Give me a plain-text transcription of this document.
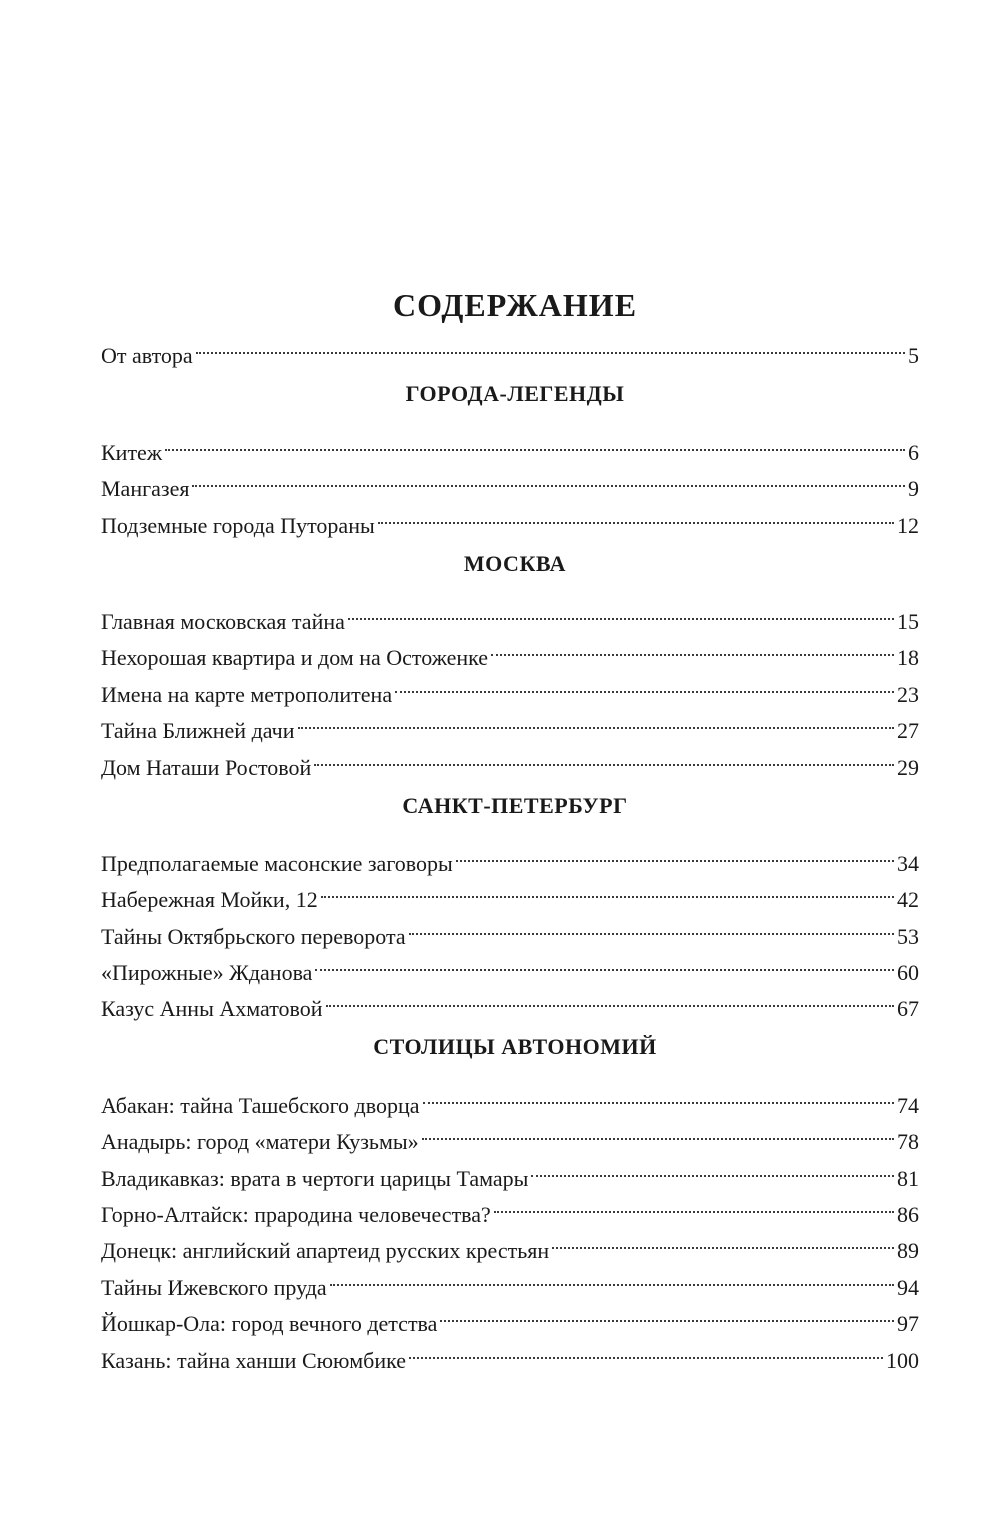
СОДЕРЖАНИЕ
От автора	5
ГОРОДА-ЛЕГЕНДЫ
Китеж	6
Мангазея	9
Подземные города Путораны	12
МОСКВА
Главная московская тайна	15
Нехорошая квартира и дом на Остоженке	18
Имена на карте метрополитена	23
Тайна Ближней дачи	27
Дом Наташи Ростовой	29
САНКТ-ПЕТЕРБУРГ
Предполагаемые масонские заговоры	34
Набережная Мойки, 12	42
Тайны Октябрьского переворота	53
«Пирожные» Жданова	60
Казус Анны Ахматовой	67
СТОЛИЦЫ АВТОНОМИЙ
Абакан: тайна Ташебского дворца	74
Анадырь: город «матери Кузьмы»	78
Владикавказ: врата в чертоги царицы Тамары	81
Горно-Алтайск: прародина человечества?	86
Донецк: английский апартеид русских крестьян	89
Тайны Ижевского пруда	94
Йошкар-Ола: город вечного детства	97
Казань: тайна ханши Сююмбике	100
